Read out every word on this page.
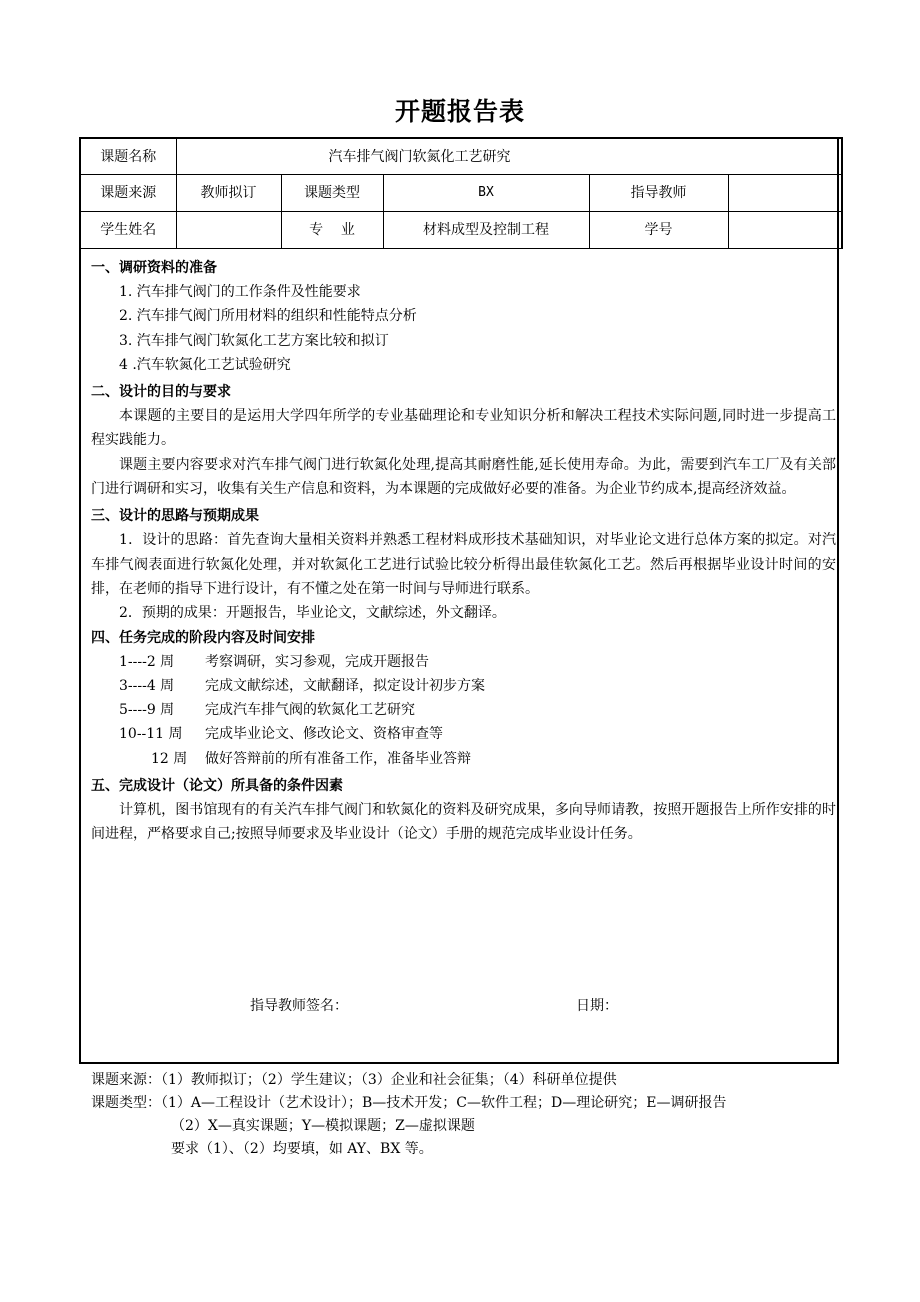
开题报告表
课题名称	汽车排气阀门软氮化工艺研究				
课题来源	教师拟订	课题类型	BX	指导教师	
学生姓名		专    业	材料成型及控制工程	学号	
一、调研资料的准备
1. 汽车排气阀门的工作条件及性能要求
2. 汽车排气阀门所用材料的组织和性能特点分析
3. 汽车排气阀门软氮化工艺方案比较和拟订
4 .汽车软氮化工艺试验研究
二、设计的目的与要求
本课题的主要目的是运用大学四年所学的专业基础理论和专业知识分析和解决工程技术实际问题,同时进一步提高工程实践能力。
课题主要内容要求对汽车排气阀门进行软氮化处理,提高其耐磨性能,延长使用寿命。为此，需要到汽车工厂及有关部门进行调研和实习，收集有关生产信息和资料，为本课题的完成做好必要的准备。为企业节约成本,提高经济效益。
三、设计的思路与预期成果
1．设计的思路：首先查询大量相关资料并熟悉工程材料成形技术基础知识，对毕业论文进行总体方案的拟定。对汽车排气阀表面进行软氮化处理，并对软氮化工艺进行试验比较分析得出最佳软氮化工艺。然后再根据毕业设计时间的安排，在老师的指导下进行设计，有不懂之处在第一时间与导师进行联系。
2．预期的成果：开题报告，毕业论文，文献综述，外文翻译。
四、任务完成的阶段内容及时间安排
1----2 周 考察调研，实习参观，完成开题报告
3----4 周 完成文献综述，文献翻译，拟定设计初步方案
5----9 周 完成汽车排气阀的软氮化工艺研究
10--11 周 完成毕业论文、修改论文、资格审查等
12 周 做好答辩前的所有准备工作，准备毕业答辩
五、完成设计（论文）所具备的条件因素
计算机，图书馆现有的有关汽车排气阀门和软氮化的资料及研究成果，多向导师请教，按照开题报告上所作安排的时间进程，严格要求自己;按照导师要求及毕业设计（论文）手册的规范完成毕业设计任务。
指导教师签名：	日期：
课题来源：（1）教师拟订；（2）学生建议；（3）企业和社会征集；（4）科研单位提供
课题类型：（1）A—工程设计（艺术设计）；B—技术开发；C—软件工程；D—理论研究；E—调研报告
（2）X—真实课题；Y—模拟课题；Z—虚拟课题
要求（1）、（2）均要填，如 AY、BX 等。
